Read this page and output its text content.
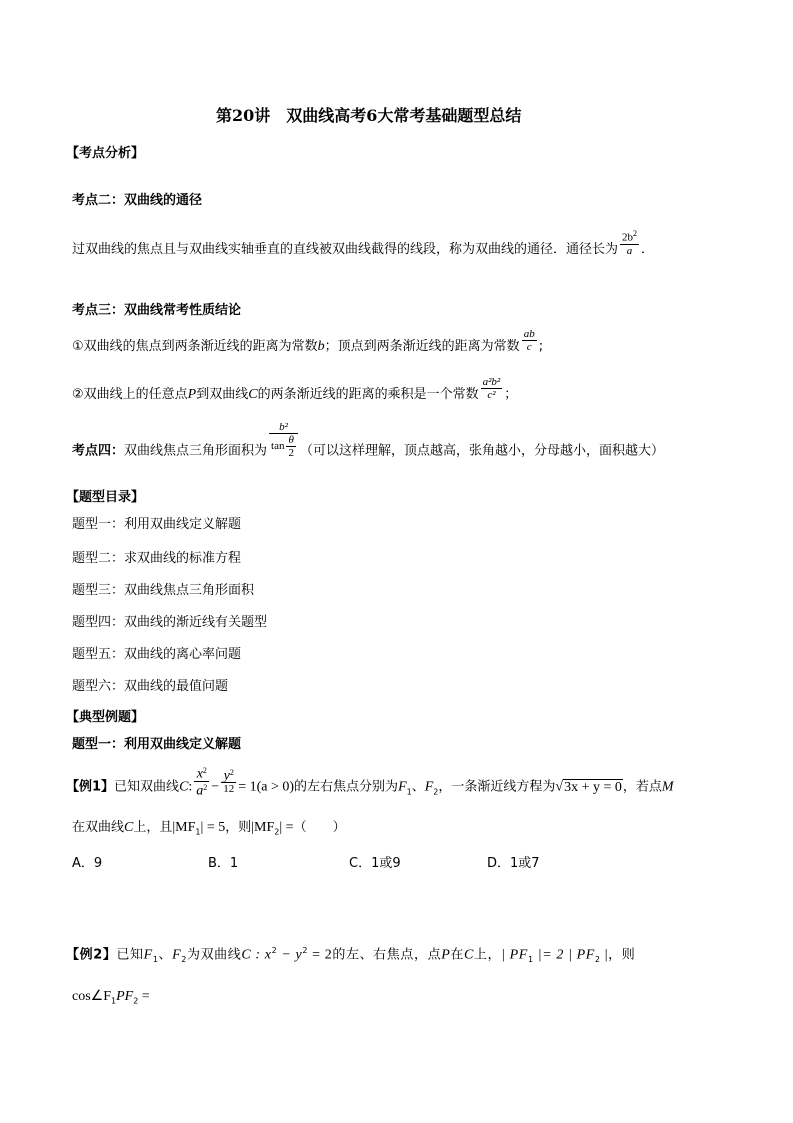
第20讲　双曲线高考6大常考基础题型总结
【考点分析】
考点二：双曲线的通径
过双曲线的焦点且与双曲线实轴垂直的直线被双曲线截得的线段，称为双曲线的通径．通径长为 $\frac{2b^2}{a}$ ．
考点三：双曲线常考性质结论
①双曲线的焦点到两条渐近线的距离为常数b；顶点到两条渐近线的距离为常数 $\frac{ab}{c}$ ;
②双曲线上的任意点P到双曲线C的两条渐近线的距离的乘积是一个常数 $\frac{\text{a²b²}}{\text{c²}}$ ；
考点四：双曲线焦点三角形面积为 $\frac{\text{b²}}{\tan \frac{\theta}{2}}$ （可以这样理解，顶点越高，张角越小，分母越小，面积越大）
【题型目录】
题型一：利用双曲线定义解题
题型二：求双曲线的标准方程
题型三：双曲线焦点三角形面积
题型四：双曲线的渐近线有关题型
题型五：双曲线的离心率问题
题型六：双曲线的最值问题
【典型例题】
题型一：利用双曲线定义解题
【例1】已知双曲线C: $\frac{x^2}{a^2} - \frac{y^2}{12} = 1(a > 0)$的左右焦点分别为$F_1$、$F_2$，一条渐近线方程为√3x + y = 0，若点M
在双曲线C上，且$|MF_1| = 5$，则$|MF_2|$ =（　　）
A．9	B．1	C．1或9	D．1或7
【例2】已知$F_1$、$F_2$为双曲线C : $x^2 - y^2 = 2$的左、右焦点，点P在C上，| $PF_1$ |= 2 | $PF_2$ |，则
$\cos\angle F_1PF_2$ =
